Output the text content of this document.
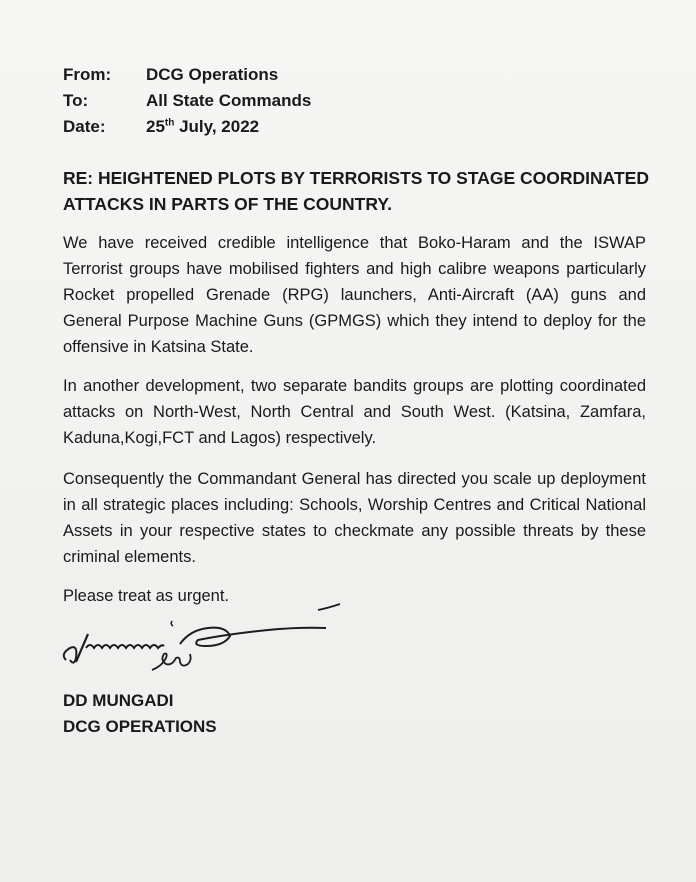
From:	DCG Operations
To:	All State Commands
Date:	25th July, 2022
RE: HEIGHTENED PLOTS BY TERRORISTS TO STAGE COORDINATED ATTACKS IN PARTS OF THE COUNTRY.
We have received credible intelligence that Boko-Haram and the ISWAP Terrorist groups have mobilised fighters and high calibre weapons particularly Rocket propelled Grenade (RPG) launchers, Anti-Aircraft (AA) guns and General Purpose Machine Guns (GPMGS) which they intend to deploy for the offensive in Katsina State.
In another development, two separate bandits groups are plotting coordinated attacks on North-West, North Central and South West. (Katsina, Zamfara, Kaduna,Kogi,FCT and Lagos) respectively.
Consequently the Commandant General has directed you scale up deployment in all strategic places including: Schools, Worship Centres and Critical National Assets in your respective states to checkmate any possible threats by these criminal elements.
Please treat as urgent.
DD MUNGADI
DCG OPERATIONS
